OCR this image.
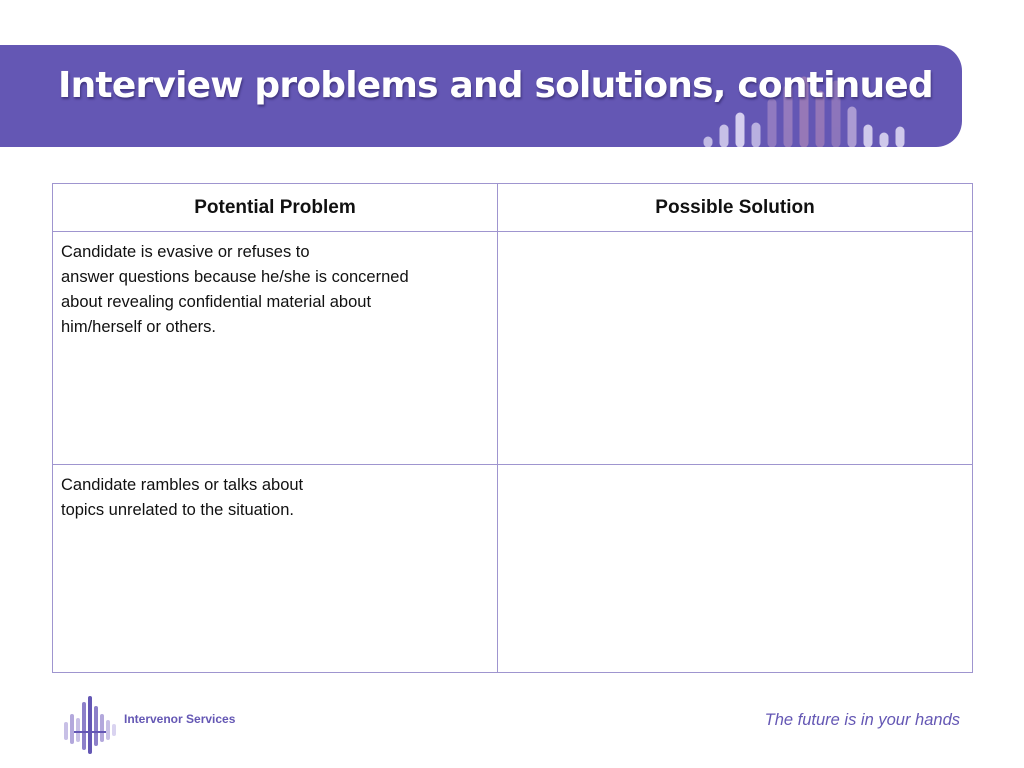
Interview problems and solutions, continued
Potential Problem	Possible Solution

Candidate is evasive or refuses to
answer questions because he/she is concerned
about revealing confidential material about
him/herself or others.	

Candidate rambles or talks about
topics unrelated to the situation.	

Intervenor Services	The future is in your hands
